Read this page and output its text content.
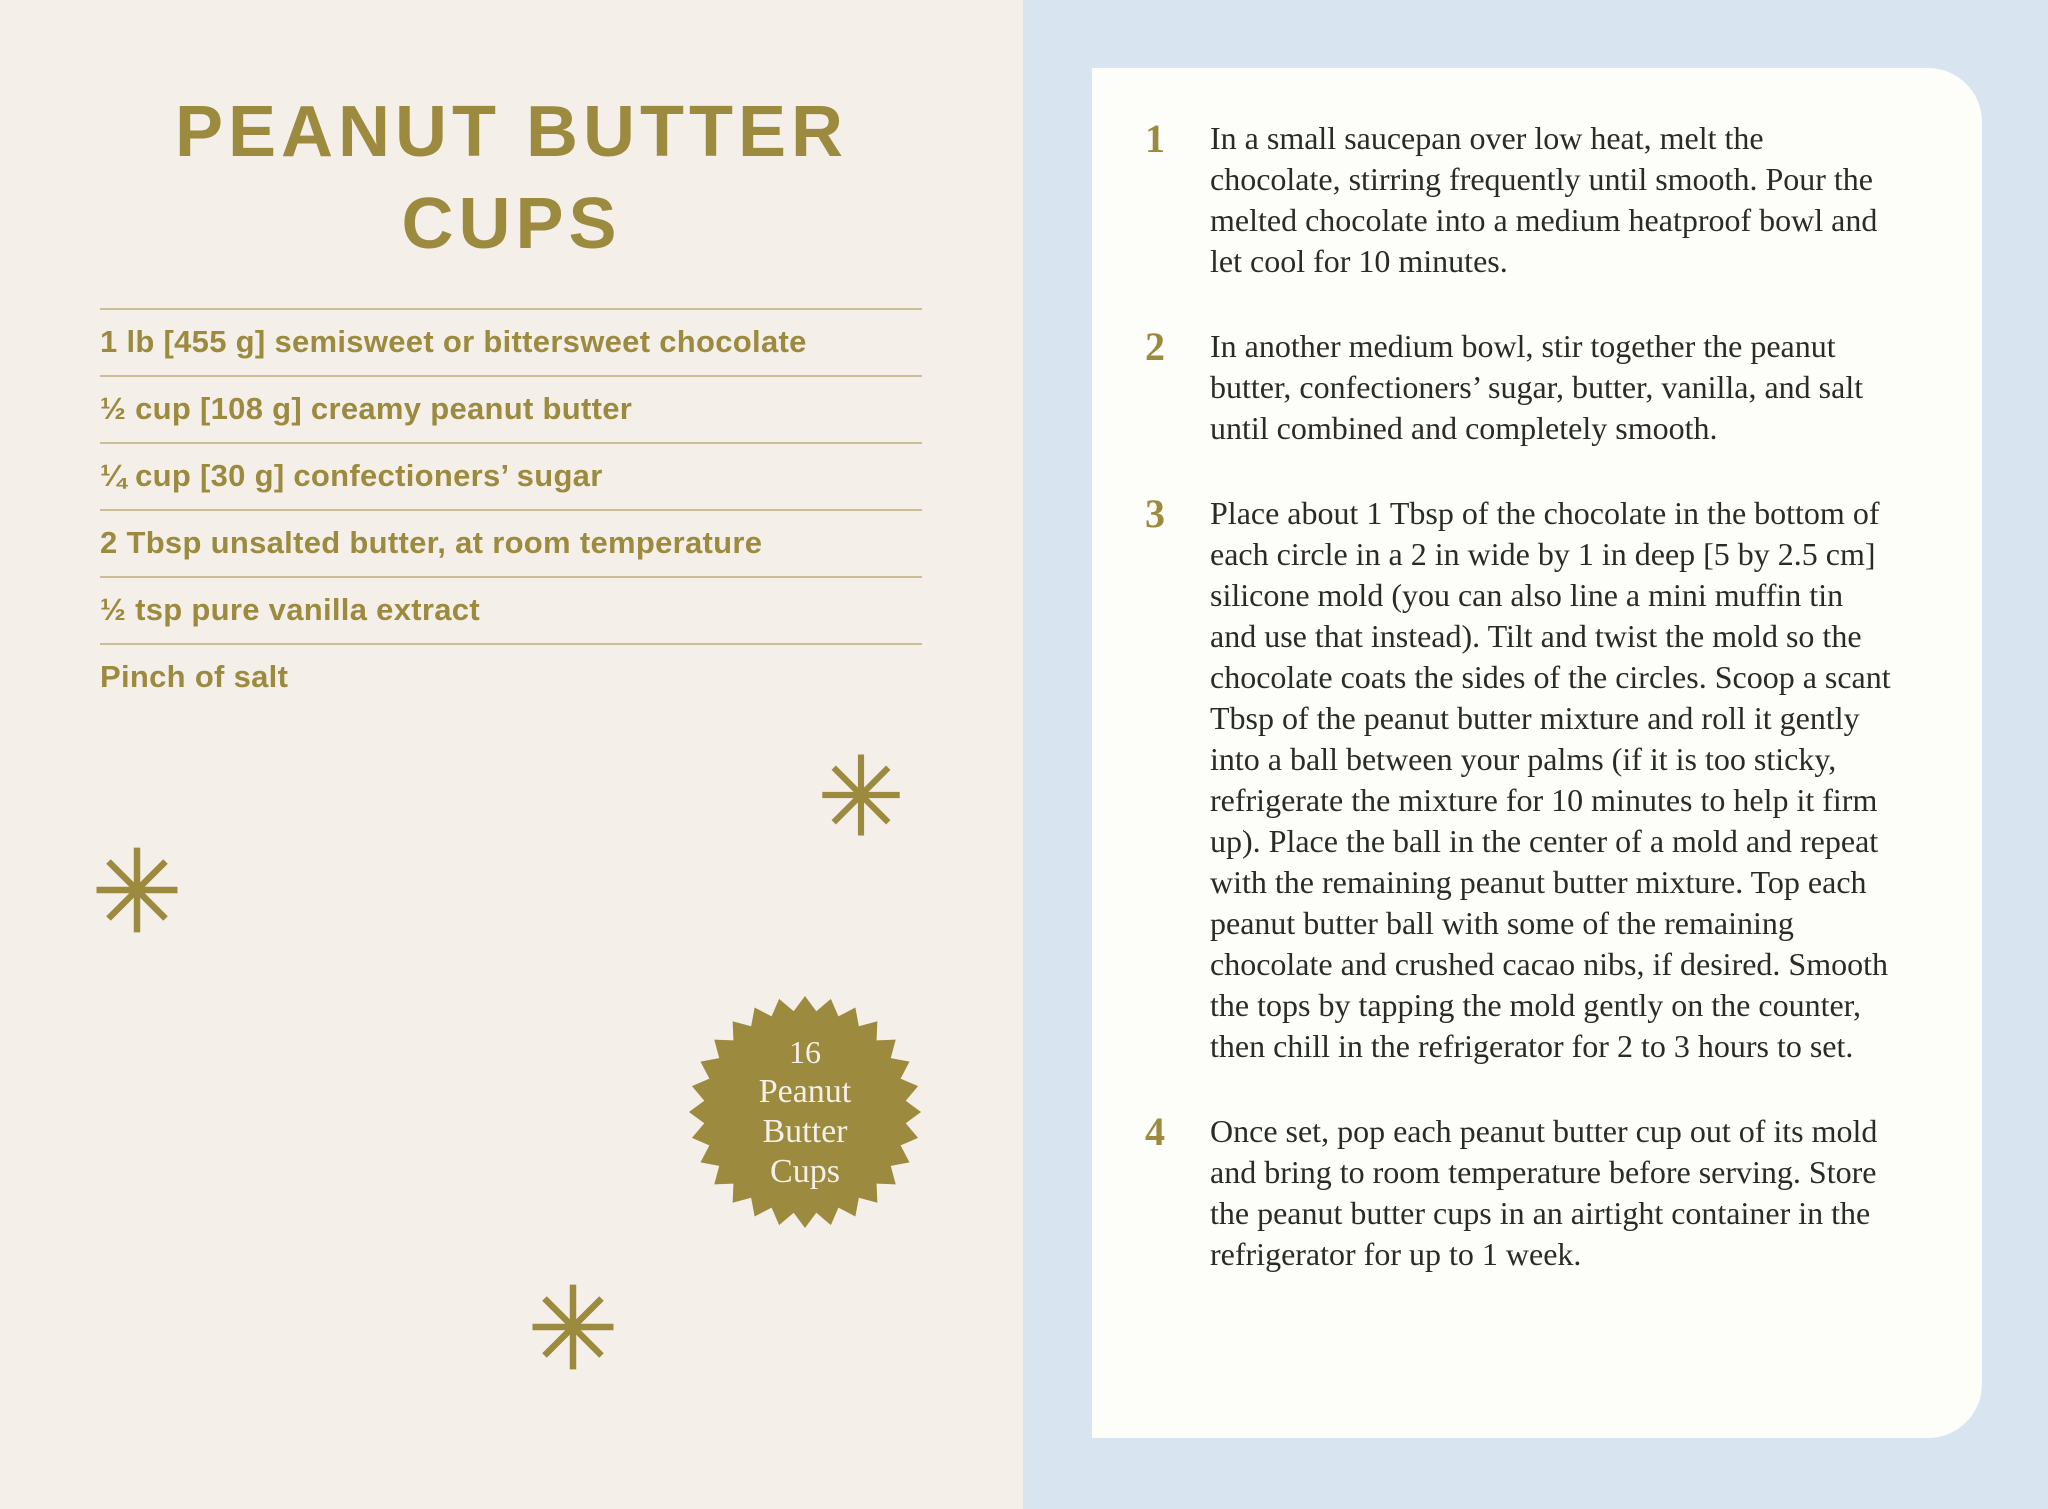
PEANUT BUTTER CUPS
1 lb [455 g] semisweet or bittersweet chocolate
½ cup [108 g] creamy peanut butter
¼ cup [30 g] confectioners’ sugar
2 Tbsp unsalted butter, at room temperature
½ tsp pure vanilla extract
Pinch of salt
16
Peanut
Butter
Cups
1	In a small saucepan over low heat, melt the chocolate, stirring frequently until smooth. Pour the melted chocolate into a medium heatproof bowl and let cool for 10 minutes.

2	In another medium bowl, stir together the peanut butter, confectioners’ sugar, butter, vanilla, and salt until combined and completely smooth.

3	Place about 1 Tbsp of the chocolate in the bottom of each circle in a 2 in wide by 1 in deep [5 by 2.5 cm] silicone mold (you can also line a mini muffin tin and use that instead). Tilt and twist the mold so the chocolate coats the sides of the circles. Scoop a scant Tbsp of the peanut butter mixture and roll it gently into a ball between your palms (if it is too sticky, refrigerate the mixture for 10 minutes to help it firm up). Place the ball in the center of a mold and repeat with the remaining peanut butter mixture. Top each peanut butter ball with some of the remaining chocolate and crushed cacao nibs, if desired. Smooth the tops by tapping the mold gently on the counter, then chill in the refrigerator for 2 to 3 hours to set.

4	Once set, pop each peanut butter cup out of its mold and bring to room temperature before serving. Store the peanut butter cups in an airtight container in the refrigerator for up to 1 week.
